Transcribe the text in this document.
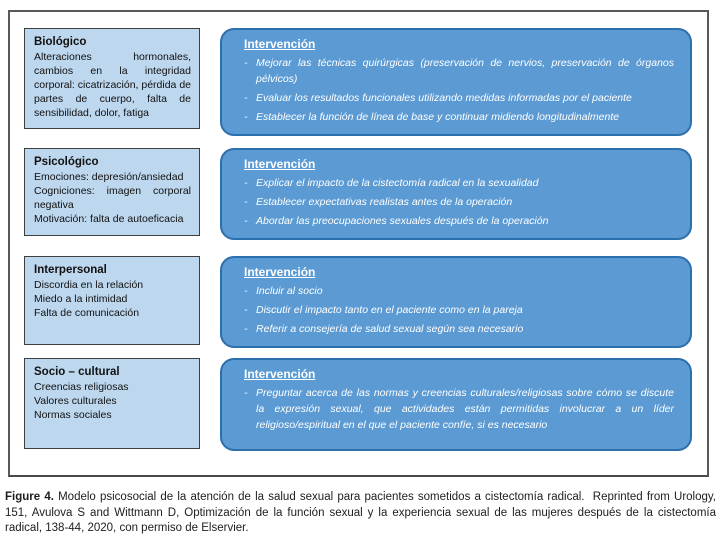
Biológico
Alteraciones hormonales, cambios en la integridad corporal: cicatrización, pérdida de partes de cuerpo, falta de sensibilidad, dolor, fatiga
Intervención
- Mejorar las técnicas quirúrgicas (preservación de nervios, preservación de órganos pélvicos)
- Evaluar los resultados funcionales utilizando medidas informadas por el paciente
- Establecer la función de línea de base y continuar midiendo longitudinalmente
Psicológico
Emociones: depresión/ansiedad
Cogniciones: imagen corporal negativa
Motivación: falta de autoeficacia
Intervención
- Explicar el impacto de la cistectomía radical en la sexualidad
- Establecer expectativas realistas antes de la operación
- Abordar las preocupaciones sexuales después de la operación
Interpersonal
Discordia en la relación
Miedo a la intimidad
Falta de comunicación
Intervención
- Incluir al socio
- Discutir el impacto tanto en el paciente como en la pareja
- Referir a consejería de salud sexual según sea necesario
Socio – cultural
Creencias religiosas
Valores culturales
Normas sociales
Intervención
- Preguntar acerca de las normas y creencias culturales/religiosas sobre cómo se discute la expresión sexual, que actividades están permitidas involucrar a un líder religioso/espiritual en el que el paciente confíe, si es necesario
Figure 4. Modelo psicosocial de la atención de la salud sexual para pacientes sometidos a cistectomía radical.  Reprinted from Urology, 151, Avulova S and Wittmann D, Optimización de la función sexual y la experiencia sexual de las mujeres después de la cistectomía radical, 138-44, 2020, con permiso de Elservier.
